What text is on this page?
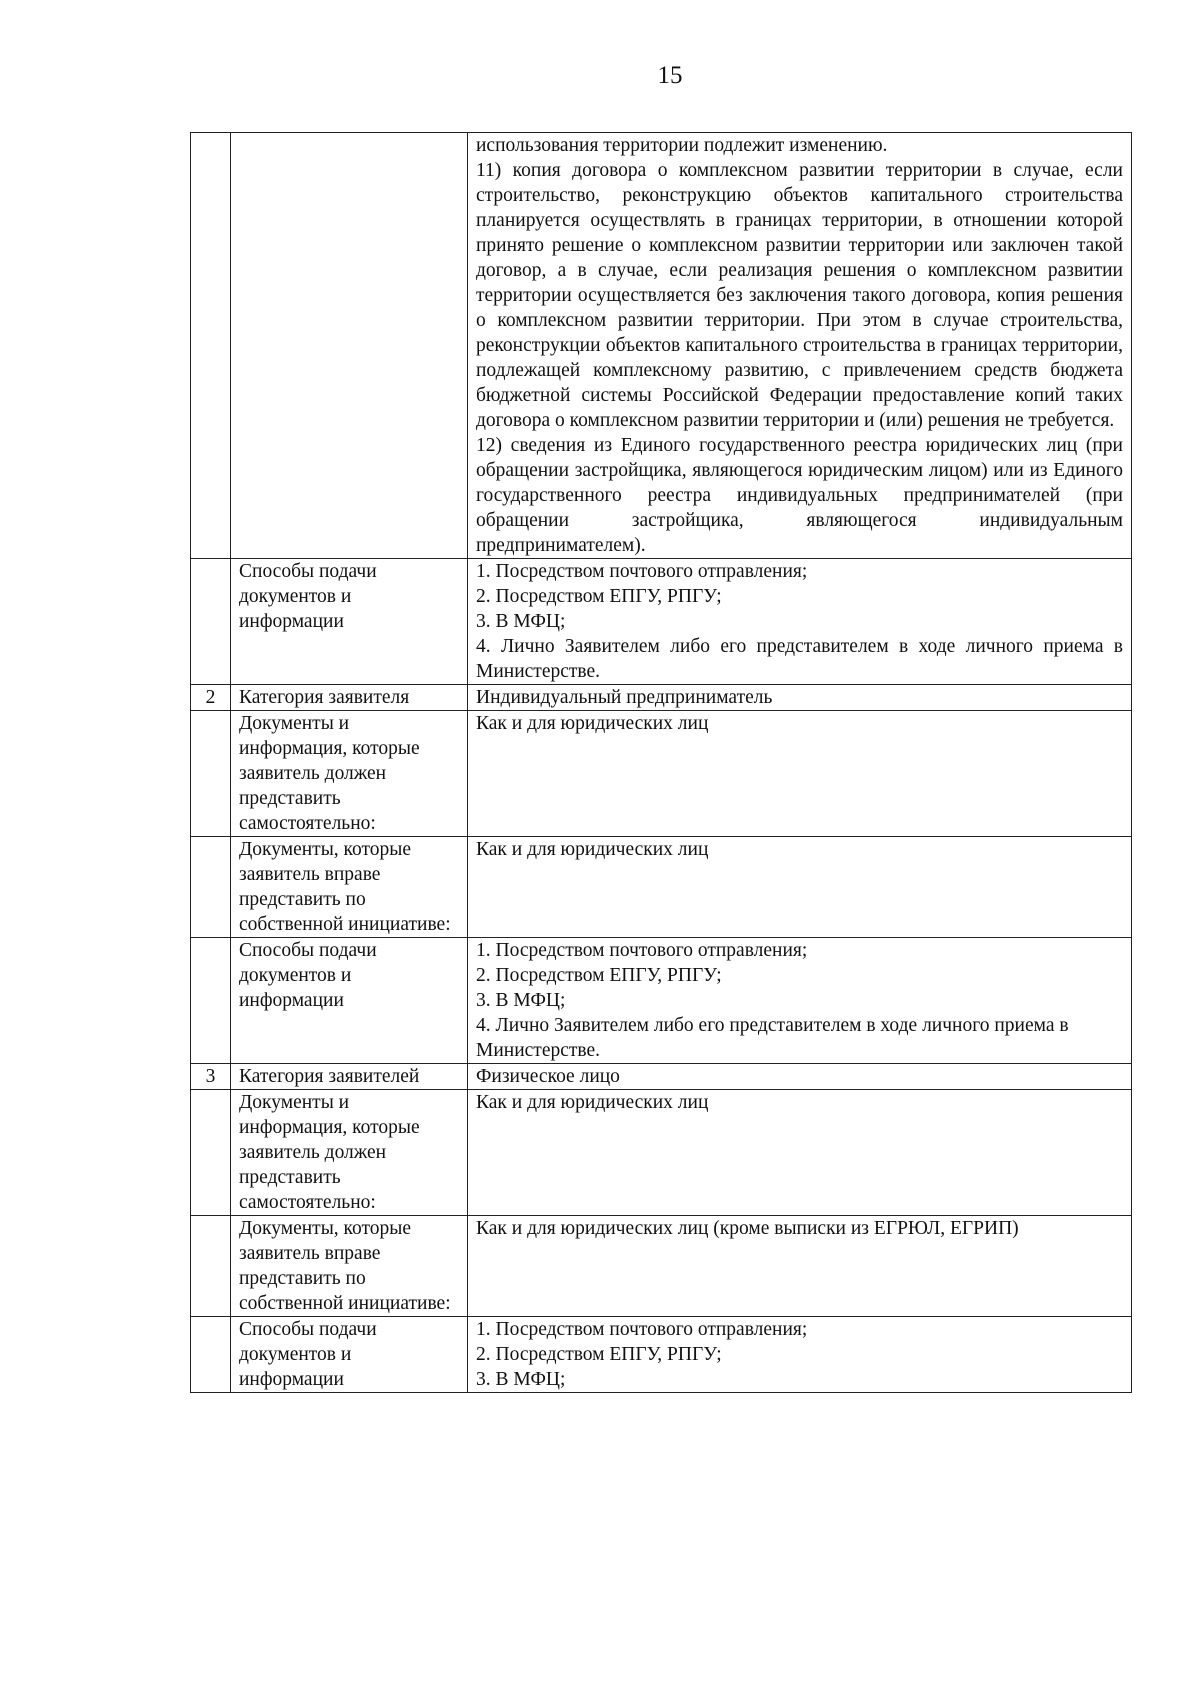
15

		использования территории подлежит изменению.
11) копия договора о комплексном развитии территории в случае, если строительство, реконструкцию объектов капитального строительства планируется осуществлять в границах территории, в отношении которой принято решение о комплексном развитии территории или заключен такой договор, а в случае, если реализация решения о комплексном развитии территории осуществляется без заключения такого договора, копия решения о комплексном развитии территории. При этом в случае строительства, реконструкции объектов капитального строительства в границах территории, подлежащей комплексному развитию, с привлечением средств бюджета бюджетной системы Российской Федерации предоставление копий таких договора о комплексном развитии территории и (или) решения не требуется.
12) сведения из Единого государственного реестра юридических лиц (при обращении застройщика, являющегося юридическим лицом) или из Единого государственного реестра индивидуальных предпринимателей (при обращении застройщика, являющегося индивидуальным предпринимателем).

	Способы подачи документов и информации	1. Посредством почтового отправления;
2. Посредством ЕПГУ, РПГУ;
3. В МФЦ;
4. Лично Заявителем либо его представителем в ходе личного приема в Министерстве.

2	Категория заявителя	Индивидуальный предприниматель

	Документы и информация, которые заявитель должен представить самостоятельно:	Как и для юридических лиц

	Документы, которые заявитель вправе представить по собственной инициативе:	Как и для юридических лиц

	Способы подачи документов и информации	1. Посредством почтового отправления;
2. Посредством ЕПГУ, РПГУ;
3. В МФЦ;
4. Лично Заявителем либо его представителем в ходе личного приема в Министерстве.

3	Категория заявителей	Физическое лицо

	Документы и информация, которые заявитель должен представить самостоятельно:	Как и для юридических лиц

	Документы, которые заявитель вправе представить по собственной инициативе:	Как и для юридических лиц (кроме выписки из ЕГРЮЛ, ЕГРИП)

	Способы подачи документов и информации	1. Посредством почтового отправления;
2. Посредством ЕПГУ, РПГУ;
3. В МФЦ;
